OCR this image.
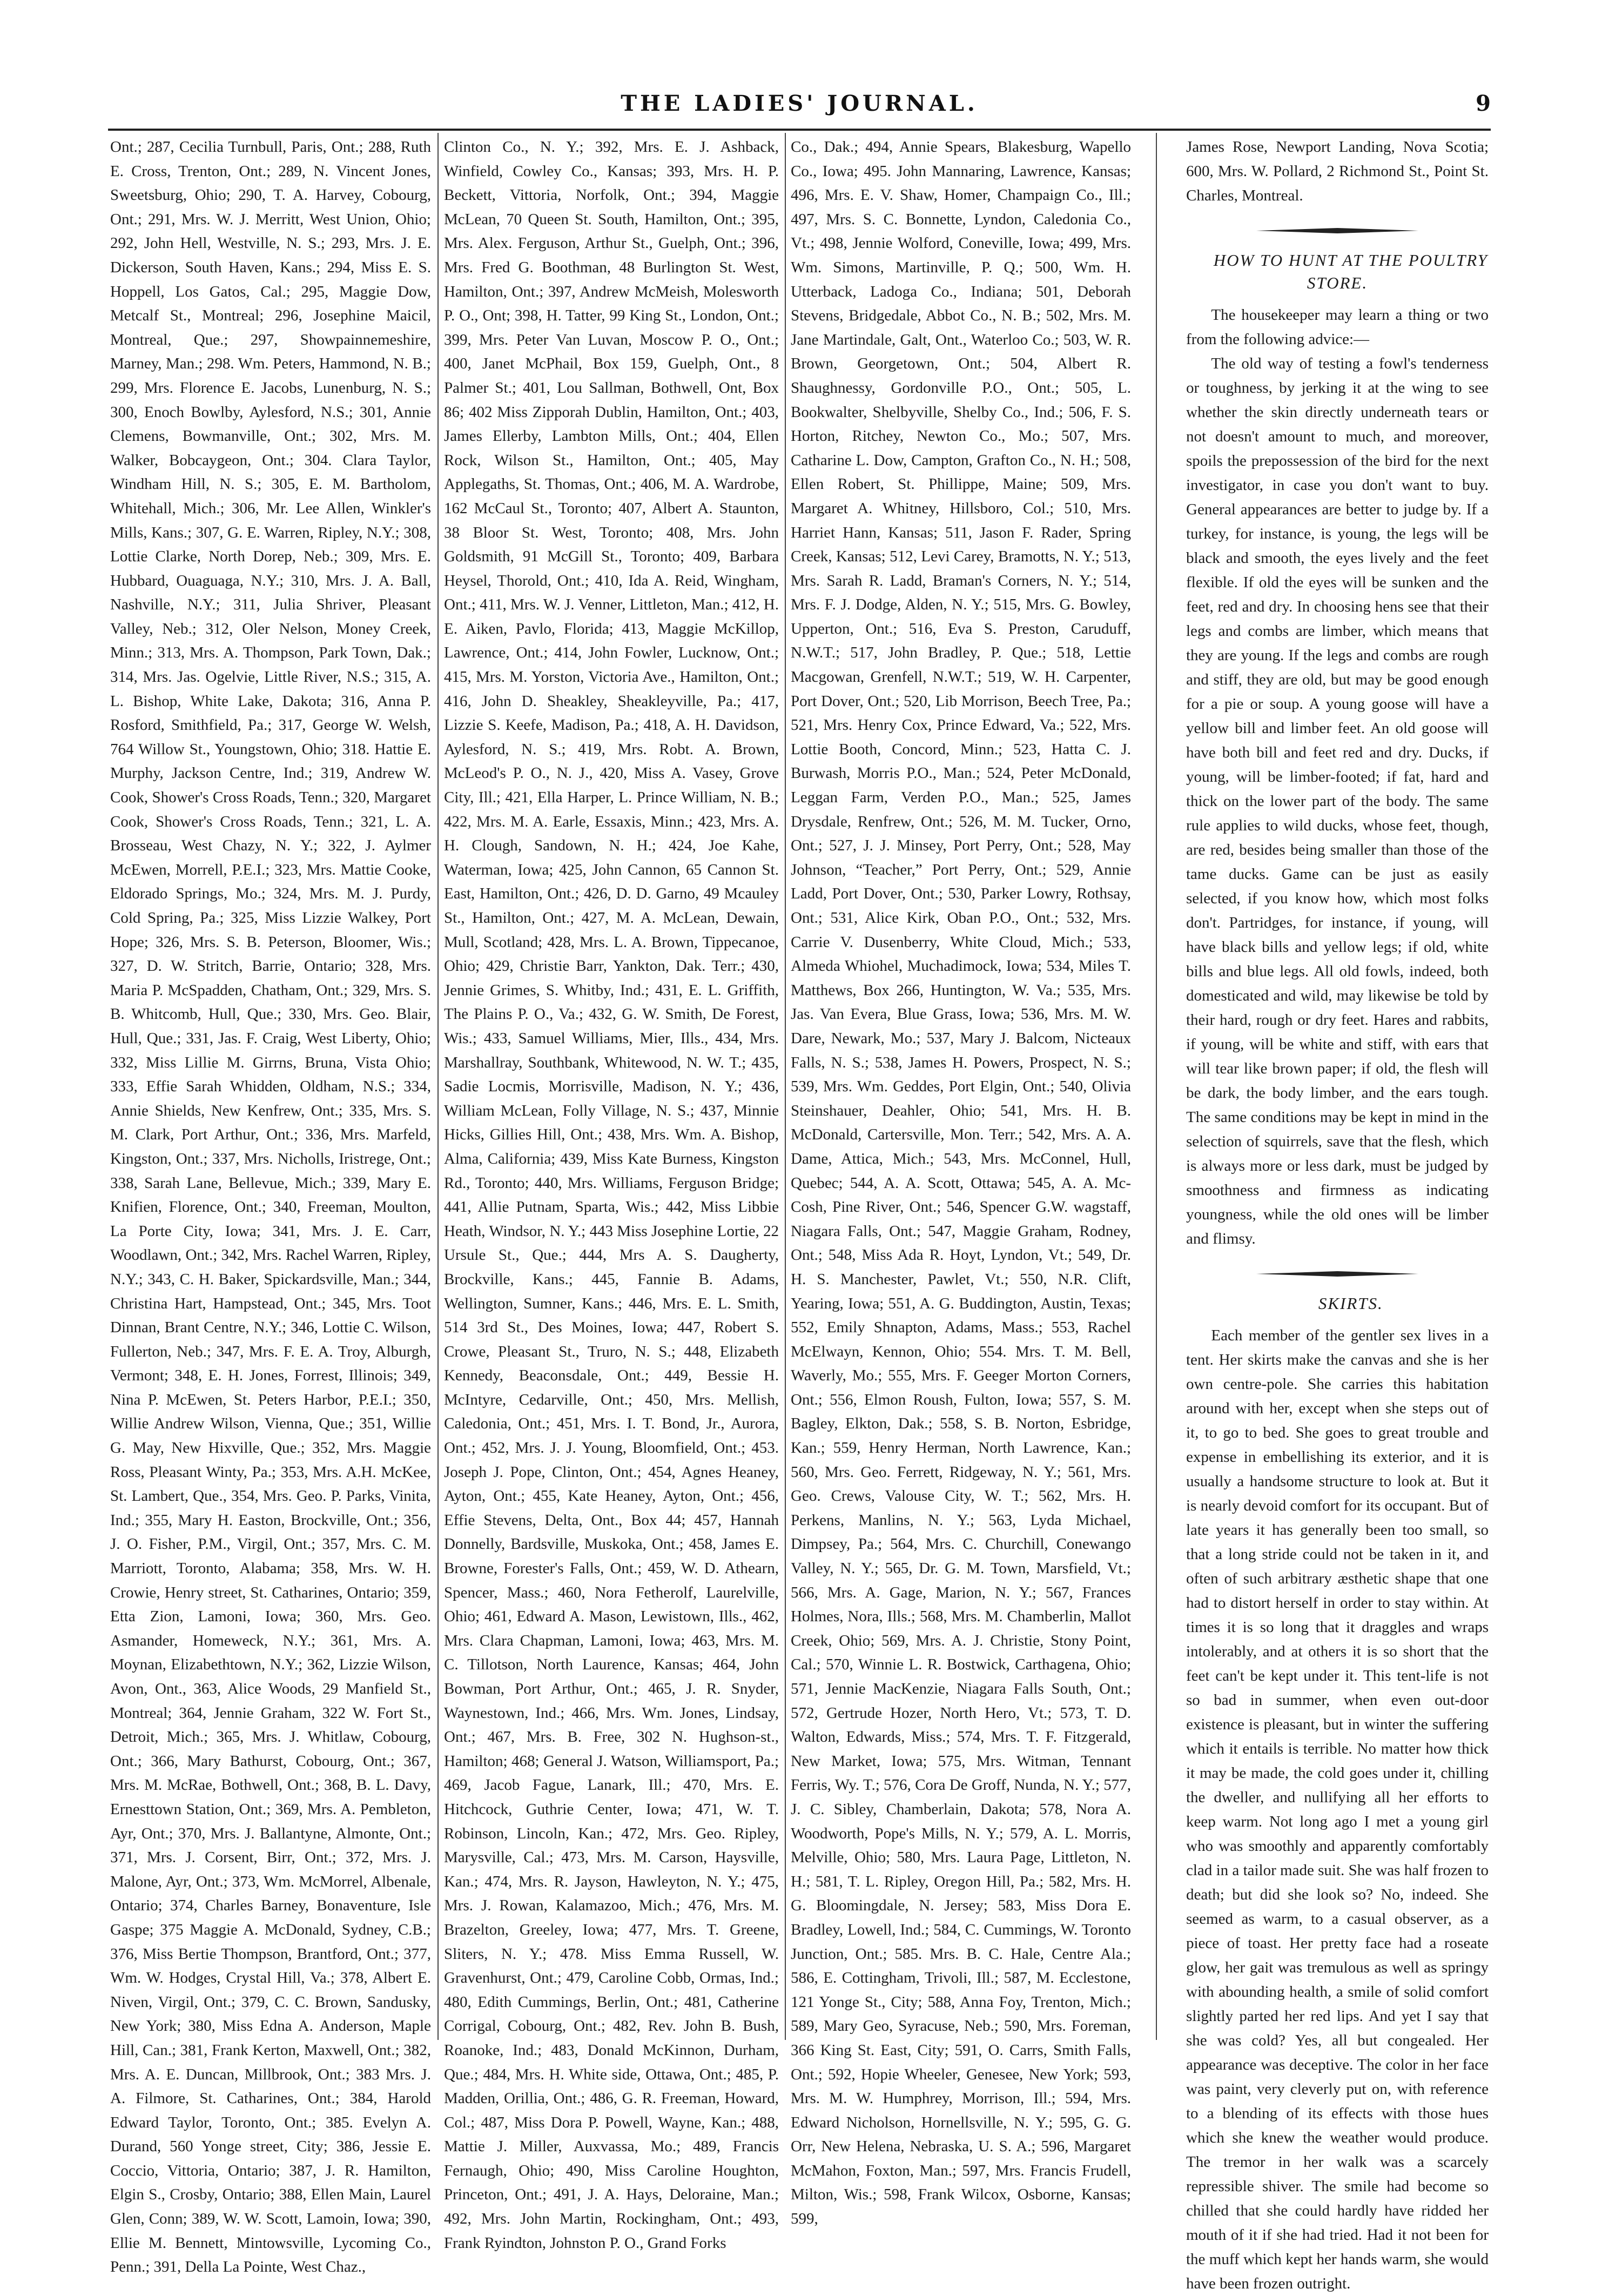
THE LADIES' JOURNAL.	9
Ont.; 287, Cecilia Turnbull, Paris, Ont.; 288, Ruth E. Cross, Trenton, Ont.; 289, N. Vincent Jones, Sweetsburg, Ohio; 290, T. A. Harvey, Cobourg, Ont.; 291, Mrs. W. J. Merritt, West Union, Ohio; 292, John Hell, Westville, N. S.; 293, Mrs. J. E. Dickerson, South Haven, Kans.; 294, Miss E. S. Hoppell, Los Gatos, Cal.; 295, Maggie Dow, Metcalf St., Montreal; 296, Josephine Maicil, Montreal, Que.; 297, Showpainnemeshire, Marney, Man.; 298. Wm. Peters, Hammond, N. B.; 299, Mrs. Florence E. Jacobs, Lunenburg, N. S.; 300, Enoch Bowlby, Aylesford, N.S.; 301, Annie Clemens, Bowmanville, Ont.; 302, Mrs. M. Walker, Bobcaygeon, Ont.; 304. Clara Taylor, Windham Hill, N. S.; 305, E. M. Bartholom, Whitehall, Mich.; 306, Mr. Lee Allen, Winkler's Mills, Kans.; 307, G. E. Warren, Ripley, N.Y.; 308, Lottie Clarke, North Dorep, Neb.; 309, Mrs. E. Hubbard, Ouaguaga, N.Y.; 310, Mrs. J. A. Ball, Nashville, N.Y.; 311, Julia Shriver, Pleasant Valley, Neb.; 312, Oler Nelson, Money Creek, Minn.; 313, Mrs. A. Thompson, Park Town, Dak.; 314, Mrs. Jas. Ogelvie, Little River, N.S.; 315, A. L. Bishop, White Lake, Dakota; 316, Anna P. Rosford, Smithfield, Pa.; 317, George W. Welsh, 764 Willow St., Youngstown, Ohio; 318. Hattie E. Murphy, Jackson Centre, Ind.; 319, Andrew W. Cook, Shower's Cross Roads, Tenn.; 320, Margaret Cook, Shower's Cross Roads, Tenn.; 321, L. A. Brosseau, West Chazy, N. Y.; 322, J. Aylmer McEwen, Morrell, P.E.I.; 323, Mrs. Mattie Cooke, Eldorado Springs, Mo.; 324, Mrs. M. J. Purdy, Cold Spring, Pa.; 325, Miss Lizzie Walkey, Port Hope; 326, Mrs. S. B. Peterson, Bloomer, Wis.; 327, D. W. Stritch, Barrie, Ontario; 328, Mrs. Maria P. McSpadden, Chatham, Ont.; 329, Mrs. S. B. Whitcomb, Hull, Que.; 330, Mrs. Geo. Blair, Hull, Que.; 331, Jas. F. Craig, West Liberty, Ohio; 332, Miss Lillie M. Girrns, Bruna, Vista Ohio; 333, Effie Sarah Whidden, Oldham, N.S.; 334, Annie Shields, New Kenfrew, Ont.; 335, Mrs. S. M. Clark, Port Arthur, Ont.; 336, Mrs. Marfeld, Kingston, Ont.; 337, Mrs. Nicholls, Iristrege, Ont.; 338, Sarah Lane, Bellevue, Mich.; 339, Mary E. Knifien, Florence, Ont.; 340, Freeman, Moulton, La Porte City, Iowa; 341, Mrs. J. E. Carr, Woodlawn, Ont.; 342, Mrs. Rachel Warren, Ripley, N.Y.; 343, C. H. Baker, Spickardsville, Man.; 344, Christina Hart, Hampstead, Ont.; 345, Mrs. Toot Dinnan, Brant Centre, N.Y.; 346, Lottie C. Wilson, Fullerton, Neb.; 347, Mrs. F. E. A. Troy, Alburgh, Vermont; 348, E. H. Jones, Forrest, Illinois; 349, Nina P. McEwen, St. Peters Harbor, P.E.I.; 350, Willie Andrew Wilson, Vienna, Que.; 351, Willie G. May, New Hixville, Que.; 352, Mrs. Maggie Ross, Pleasant Winty, Pa.; 353, Mrs. A.H. McKee, St. Lambert, Que., 354, Mrs. Geo. P. Parks, Vinita, Ind.; 355, Mary H. Easton, Brockville, Ont.; 356, J. O. Fisher, P.M., Virgil, Ont.; 357, Mrs. C. M. Marriott, Toronto, Alabama; 358, Mrs. W. H. Crowie, Henry street, St. Catharines, Ontario; 359, Etta Zion, Lamoni, Iowa; 360, Mrs. Geo. Asmander, Homeweck, N.Y.; 361, Mrs. A. Moynan, Elizabethtown, N.Y.; 362, Lizzie Wilson, Avon, Ont., 363, Alice Woods, 29 Manfield St., Montreal; 364, Jennie Graham, 322 W. Fort St., Detroit, Mich.; 365, Mrs. J. Whitlaw, Cobourg, Ont.; 366, Mary Bathurst, Cobourg, Ont.; 367, Mrs. M. McRae, Bothwell, Ont.; 368, B. L. Davy, Ernesttown Station, Ont.; 369, Mrs. A. Pembleton, Ayr, Ont.; 370, Mrs. J. Ballantyne, Almonte, Ont.; 371, Mrs. J. Corsent, Birr, Ont.; 372, Mrs. J. Malone, Ayr, Ont.; 373, Wm. McMorrel, Albenale, Ontario; 374, Charles Barney, Bonaventure, Isle Gaspe; 375 Maggie A. McDonald, Sydney, C.B.; 376, Miss Bertie Thompson, Brantford, Ont.; 377, Wm. W. Hodges, Crystal Hill, Va.; 378, Albert E. Niven, Virgil, Ont.; 379, C. C. Brown, Sandusky, New York; 380, Miss Edna A. Anderson, Maple Hill, Can.; 381, Frank Kerton, Maxwell, Ont.; 382, Mrs. A. E. Duncan, Millbrook, Ont.; 383 Mrs. J. A. Filmore, St. Catharines, Ont.; 384, Harold Edward Taylor, Toronto, Ont.; 385. Evelyn A. Durand, 560 Yonge street, City; 386, Jessie E. Coccio, Vittoria, Ontario; 387, J. R. Hamilton, Elgin S., Crosby, Ontario; 388, Ellen Main, Laurel Glen, Conn; 389, W. W. Scott, Lamoin, Iowa; 390, Ellie M. Bennett, Mintowsville, Lycoming Co., Penn.; 391, Della La Pointe, West Chaz.,
Clinton Co., N. Y.; 392, Mrs. E. J. Ashback, Winfield, Cowley Co., Kansas; 393, Mrs. H. P. Beckett, Vittoria, Norfolk, Ont.; 394, Maggie McLean, 70 Queen St. South, Hamilton, Ont.; 395, Mrs. Alex. Ferguson, Arthur St., Guelph, Ont.; 396, Mrs. Fred G. Boothman, 48 Burlington St. West, Hamilton, Ont.; 397, Andrew McMeish, Molesworth P. O., Ont; 398, H. Tatter, 99 King St., London, Ont.; 399, Mrs. Peter Van Luvan, Moscow P. O., Ont.; 400, Janet McPhail, Box 159, Guelph, Ont., 8 Palmer St.; 401, Lou Sallman, Bothwell, Ont, Box 86; 402 Miss Zipporah Dublin, Hamilton, Ont.; 403, James Ellerby, Lambton Mills, Ont.; 404, Ellen Rock, Wilson St., Hamilton, Ont.; 405, May Applegaths, St. Thomas, Ont.; 406, M. A. Wardrobe, 162 McCaul St., Toronto; 407, Albert A. Staunton, 38 Bloor St. West, Toronto; 408, Mrs. John Goldsmith, 91 McGill St., Toronto; 409, Barbara Heysel, Thorold, Ont.; 410, Ida A. Reid, Wingham, Ont.; 411, Mrs. W. J. Venner, Littleton, Man.; 412, H. E. Aiken, Pavlo, Florida; 413, Maggie McKillop, Lawrence, Ont.; 414, John Fowler, Lucknow, Ont.; 415, Mrs. M. Yorston, Victoria Ave., Hamilton, Ont.; 416, John D. Sheakley, Sheakleyville, Pa.; 417, Lizzie S. Keefe, Madison, Pa.; 418, A. H. Davidson, Aylesford, N. S.; 419, Mrs. Robt. A. Brown, McLeod's P. O., N. J., 420, Miss A. Vasey, Grove City, Ill.; 421, Ella Harper, L. Prince William, N. B.; 422, Mrs. M. A. Earle, Essaxis, Minn.; 423, Mrs. A. H. Clough, Sandown, N. H.; 424, Joe Kahe, Waterman, Iowa; 425, John Cannon, 65 Cannon St. East, Hamilton, Ont.; 426, D. D. Garno, 49 Mcauley St., Hamilton, Ont.; 427, M. A. McLean, Dewain, Mull, Scotland; 428, Mrs. L. A. Brown, Tippecanoe, Ohio; 429, Christie Barr, Yankton, Dak. Terr.; 430, Jennie Grimes, S. Whitby, Ind.; 431, E. L. Griffith, The Plains P. O., Va.; 432, G. W. Smith, De Forest, Wis.; 433, Samuel Williams, Mier, Ills., 434, Mrs. Marshallray, Southbank, Whitewood, N. W. T.; 435, Sadie Locmis, Morrisville, Madison, N. Y.; 436, William McLean, Folly Village, N. S.; 437, Minnie Hicks, Gillies Hill, Ont.; 438, Mrs. Wm. A. Bishop, Alma, California; 439, Miss Kate Burness, Kingston Rd., Toronto; 440, Mrs. Williams, Ferguson Bridge; 441, Allie Putnam, Sparta, Wis.; 442, Miss Libbie Heath, Windsor, N. Y.; 443 Miss Josephine Lortie, 22 Ursule St., Que.; 444, Mrs A. S. Daugherty, Brockville, Kans.; 445, Fannie B. Adams, Wellington, Sumner, Kans.; 446, Mrs. E. L. Smith, 514 3rd St., Des Moines, Iowa; 447, Robert S. Crowe, Pleasant St., Truro, N. S.; 448, Elizabeth Kennedy, Beaconsdale, Ont.; 449, Bessie H. McIntyre, Cedarville, Ont.; 450, Mrs. Mellish, Caledonia, Ont.; 451, Mrs. I. T. Bond, Jr., Aurora, Ont.; 452, Mrs. J. J. Young, Bloomfield, Ont.; 453. Joseph J. Pope, Clinton, Ont.; 454, Agnes Heaney, Ayton, Ont.; 455, Kate Heaney, Ayton, Ont.; 456, Effie Stevens, Delta, Ont., Box 44; 457, Hannah Donnelly, Bardsville, Muskoka, Ont.; 458, James E. Browne, Forester's Falls, Ont.; 459, W. D. Athearn, Spencer, Mass.; 460, Nora Fetherolf, Laurelville, Ohio; 461, Edward A. Mason, Lewistown, Ills., 462, Mrs. Clara Chapman, Lamoni, Iowa; 463, Mrs. M. C. Tillotson, North Laurence, Kansas; 464, John Bowman, Port Arthur, Ont.; 465, J. R. Snyder, Waynestown, Ind.; 466, Mrs. Wm. Jones, Lindsay, Ont.; 467, Mrs. B. Free, 302 N. Hughson-st., Hamilton; 468; General J. Watson, Williamsport, Pa.; 469, Jacob Fague, Lanark, Ill.; 470, Mrs. E. Hitchcock, Guthrie Center, Iowa; 471, W. T. Robinson, Lincoln, Kan.; 472, Mrs. Geo. Ripley, Marysville, Cal.; 473, Mrs. M. Carson, Haysville, Kan.; 474, Mrs. R. Jayson, Hawleyton, N. Y.; 475, Mrs. J. Rowan, Kalamazoo, Mich.; 476, Mrs. M. Brazelton, Greeley, Iowa; 477, Mrs. T. Greene, Sliters, N. Y.; 478. Miss Emma Russell, W. Gravenhurst, Ont.; 479, Caroline Cobb, Ormas, Ind.; 480, Edith Cummings, Berlin, Ont.; 481, Catherine Corrigal, Cobourg, Ont.; 482, Rev. John B. Bush, Roanoke, Ind.; 483, Donald McKinnon, Durham, Que.; 484, Mrs. H. White side, Ottawa, Ont.; 485, P. Madden, Orillia, Ont.; 486, G. R. Freeman, Howard, Col.; 487, Miss Dora P. Powell, Wayne, Kan.; 488, Mattie J. Miller, Auxvassa, Mo.; 489, Francis Fernaugh, Ohio; 490, Miss Caroline Houghton, Princeton, Ont.; 491, J. A. Hays, Deloraine, Man.; 492, Mrs. John Martin, Rockingham, Ont.; 493, Frank Ryindton, Johnston P. O., Grand Forks
Co., Dak.; 494, Annie Spears, Blakesburg, Wapello Co., Iowa; 495. John Mannaring, Lawrence, Kansas; 496, Mrs. E. V. Shaw, Homer, Champaign Co., Ill.; 497, Mrs. S. C. Bonnette, Lyndon, Caledonia Co., Vt.; 498, Jennie Wolford, Coneville, Iowa; 499, Mrs. Wm. Simons, Martinville, P. Q.; 500, Wm. H. Utterback, Ladoga Co., Indiana; 501, Deborah Stevens, Bridgedale, Abbot Co., N. B.; 502, Mrs. M. Jane Martindale, Galt, Ont., Waterloo Co.; 503, W. R. Brown, Georgetown, Ont.; 504, Albert R. Shaughnessy, Gordonville P.O., Ont.; 505, L. Bookwalter, Shelbyville, Shelby Co., Ind.; 506, F. S. Horton, Ritchey, Newton Co., Mo.; 507, Mrs. Catharine L. Dow, Campton, Grafton Co., N. H.; 508, Ellen Robert, St. Phillippe, Maine; 509, Mrs. Margaret A. Whitney, Hillsboro, Col.; 510, Mrs. Harriet Hann, Kansas; 511, Jason F. Rader, Spring Creek, Kansas; 512, Levi Carey, Bramotts, N. Y.; 513, Mrs. Sarah R. Ladd, Braman's Corners, N. Y.; 514, Mrs. F. J. Dodge, Alden, N. Y.; 515, Mrs. G. Bowley, Upperton, Ont.; 516, Eva S. Preston, Caruduff, N.W.T.; 517, John Bradley, P. Que.; 518, Lettie Macgowan, Grenfell, N.W.T.; 519, W. H. Carpenter, Port Dover, Ont.; 520, Lib Morrison, Beech Tree, Pa.; 521, Mrs. Henry Cox, Prince Edward, Va.; 522, Mrs. Lottie Booth, Concord, Minn.; 523, Hatta C. J. Burwash, Morris P.O., Man.; 524, Peter McDonald, Leggan Farm, Verden P.O., Man.; 525, James Drysdale, Renfrew, Ont.; 526, M. M. Tucker, Orno, Ont.; 527, J. J. Minsey, Port Perry, Ont.; 528, May Johnson, “Teacher,” Port Perry, Ont.; 529, Annie Ladd, Port Dover, Ont.; 530, Parker Lowry, Rothsay, Ont.; 531, Alice Kirk, Oban P.O., Ont.; 532, Mrs. Carrie V. Dusenberry, White Cloud, Mich.; 533, Almeda Whiohel, Muchadimock, Iowa; 534, Miles T. Matthews, Box 266, Huntington, W. Va.; 535, Mrs. Jas. Van Evera, Blue Grass, Iowa; 536, Mrs. M. W. Dare, Newark, Mo.; 537, Mary J. Balcom, Nicteaux Falls, N. S.; 538, James H. Powers, Prospect, N. S.; 539, Mrs. Wm. Geddes, Port Elgin, Ont.; 540, Olivia Steinshauer, Deahler, Ohio; 541, Mrs. H. B. McDonald, Cartersville, Mon. Terr.; 542, Mrs. A. A. Dame, Attica, Mich.; 543, Mrs. McConnel, Hull, Quebec; 544, A. A. Scott, Ottawa; 545, A. A. Mc-Cosh, Pine River, Ont.; 546, Spencer G.W. wagstaff, Niagara Falls, Ont.; 547, Maggie Graham, Rodney, Ont.; 548, Miss Ada R. Hoyt, Lyndon, Vt.; 549, Dr. H. S. Manchester, Pawlet, Vt.; 550, N.R. Clift, Yearing, Iowa; 551, A. G. Buddington, Austin, Texas; 552, Emily Shnapton, Adams, Mass.; 553, Rachel McElwayn, Kennon, Ohio; 554. Mrs. T. M. Bell, Waverly, Mo.; 555, Mrs. F. Geeger Morton Corners, Ont.; 556, Elmon Roush, Fulton, Iowa; 557, S. M. Bagley, Elkton, Dak.; 558, S. B. Norton, Esbridge, Kan.; 559, Henry Herman, North Lawrence, Kan.; 560, Mrs. Geo. Ferrett, Ridgeway, N. Y.; 561, Mrs. Geo. Crews, Valouse City, W. T.; 562, Mrs. H. Perkens, Manlins, N. Y.; 563, Lyda Michael, Dimpsey, Pa.; 564, Mrs. C. Churchill, Conewango Valley, N. Y.; 565, Dr. G. M. Town, Marsfield, Vt.; 566, Mrs. A. Gage, Marion, N. Y.; 567, Frances Holmes, Nora, Ills.; 568, Mrs. M. Chamberlin, Mallot Creek, Ohio; 569, Mrs. A. J. Christie, Stony Point, Cal.; 570, Winnie L. R. Bostwick, Carthagena, Ohio; 571, Jennie MacKenzie, Niagara Falls South, Ont.; 572, Gertrude Hozer, North Hero, Vt.; 573, T. D. Walton, Edwards, Miss.; 574, Mrs. T. F. Fitzgerald, New Market, Iowa; 575, Mrs. Witman, Tennant Ferris, Wy. T.; 576, Cora De Groff, Nunda, N. Y.; 577, J. C. Sibley, Chamberlain, Dakota; 578, Nora A. Woodworth, Pope's Mills, N. Y.; 579, A. L. Morris, Melville, Ohio; 580, Mrs. Laura Page, Littleton, N. H.; 581, T. L. Ripley, Oregon Hill, Pa.; 582, Mrs. H. G. Bloomingdale, N. Jersey; 583, Miss Dora E. Bradley, Lowell, Ind.; 584, C. Cummings, W. Toronto Junction, Ont.; 585. Mrs. B. C. Hale, Centre Ala.; 586, E. Cottingham, Trivoli, Ill.; 587, M. Ecclestone, 121 Yonge St., City; 588, Anna Foy, Trenton, Mich.; 589, Mary Geo, Syracuse, Neb.; 590, Mrs. Foreman, 366 King St. East, City; 591, O. Carrs, Smith Falls, Ont.; 592, Hopie Wheeler, Genesee, New York; 593, Mrs. M. W. Humphrey, Morrison, Ill.; 594, Mrs. Edward Nicholson, Hornellsville, N. Y.; 595, G. G. Orr, New Helena, Nebraska, U. S. A.; 596, Margaret McMahon, Foxton, Man.; 597, Mrs. Francis Frudell, Milton, Wis.; 598, Frank Wilcox, Osborne, Kansas; 599,

James Rose, Newport Landing, Nova Scotia; 600, Mrs. W. Pollard, 2 Richmond St., Point St. Charles, Montreal.

HOW TO HUNT AT THE POULTRY STORE.

The housekeeper may learn a thing or two from the following advice:—

The old way of testing a fowl's tenderness or toughness, by jerking it at the wing to see whether the skin directly underneath tears or not doesn't amount to much, and moreover, spoils the prepossession of the bird for the next investigator, in case you don't want to buy. General appearances are better to judge by. If a turkey, for instance, is young, the legs will be black and smooth, the eyes lively and the feet flexible. If old the eyes will be sunken and the feet, red and dry. In choosing hens see that their legs and combs are limber, which means that they are young. If the legs and combs are rough and stiff, they are old, but may be good enough for a pie or soup. A young goose will have a yellow bill and limber feet. An old goose will have both bill and feet red and dry. Ducks, if young, will be limber-footed; if fat, hard and thick on the lower part of the body. The same rule applies to wild ducks, whose feet, though, are red, besides being smaller than those of the tame ducks. Game can be just as easily selected, if you know how, which most folks don't. Partridges, for instance, if young, will have black bills and yellow legs; if old, white bills and blue legs. All old fowls, indeed, both domesticated and wild, may likewise be told by their hard, rough or dry feet. Hares and rabbits, if young, will be white and stiff, with ears that will tear like brown paper; if old, the flesh will be dark, the body limber, and the ears tough. The same conditions may be kept in mind in the selection of squirrels, save that the flesh, which is always more or less dark, must be judged by smoothness and firmness as indicating youngness, while the old ones will be limber and flimsy.

SKIRTS.

Each member of the gentler sex lives in a tent. Her skirts make the canvas and she is her own centre-pole. She carries this habitation around with her, except when she steps out of it, to go to bed. She goes to great trouble and expense in embellishing its exterior, and it is usually a handsome structure to look at. But it is nearly devoid comfort for its occupant. But of late years it has generally been too small, so that a long stride could not be taken in it, and often of such arbitrary æsthetic shape that one had to distort herself in order to stay within. At times it is so long that it draggles and wraps intolerably, and at others it is so short that the feet can't be kept under it. This tent-life is not so bad in summer, when even out-door existence is pleasant, but in winter the suffering which it entails is terrible. No matter how thick it may be made, the cold goes under it, chilling the dweller, and nullifying all her efforts to keep warm. Not long ago I met a young girl who was smoothly and apparently comfortably clad in a tailor made suit. She was half frozen to death; but did she look so? No, indeed. She seemed as warm, to a casual observer, as a piece of toast. Her pretty face had a roseate glow, her gait was tremulous as well as springy with abounding health, a smile of solid comfort slightly parted her red lips. And yet I say that she was cold? Yes, all but congealed. Her appearance was deceptive. The color in her face was paint, very cleverly put on, with reference to a blending of its effects with those hues which she knew the weather would produce. The tremor in her walk was a scarcely repressible shiver. The smile had become so chilled that she could hardly have ridded her mouth of it if she had tried. Had it not been for the muff which kept her hands warm, she would have been frozen outright.
